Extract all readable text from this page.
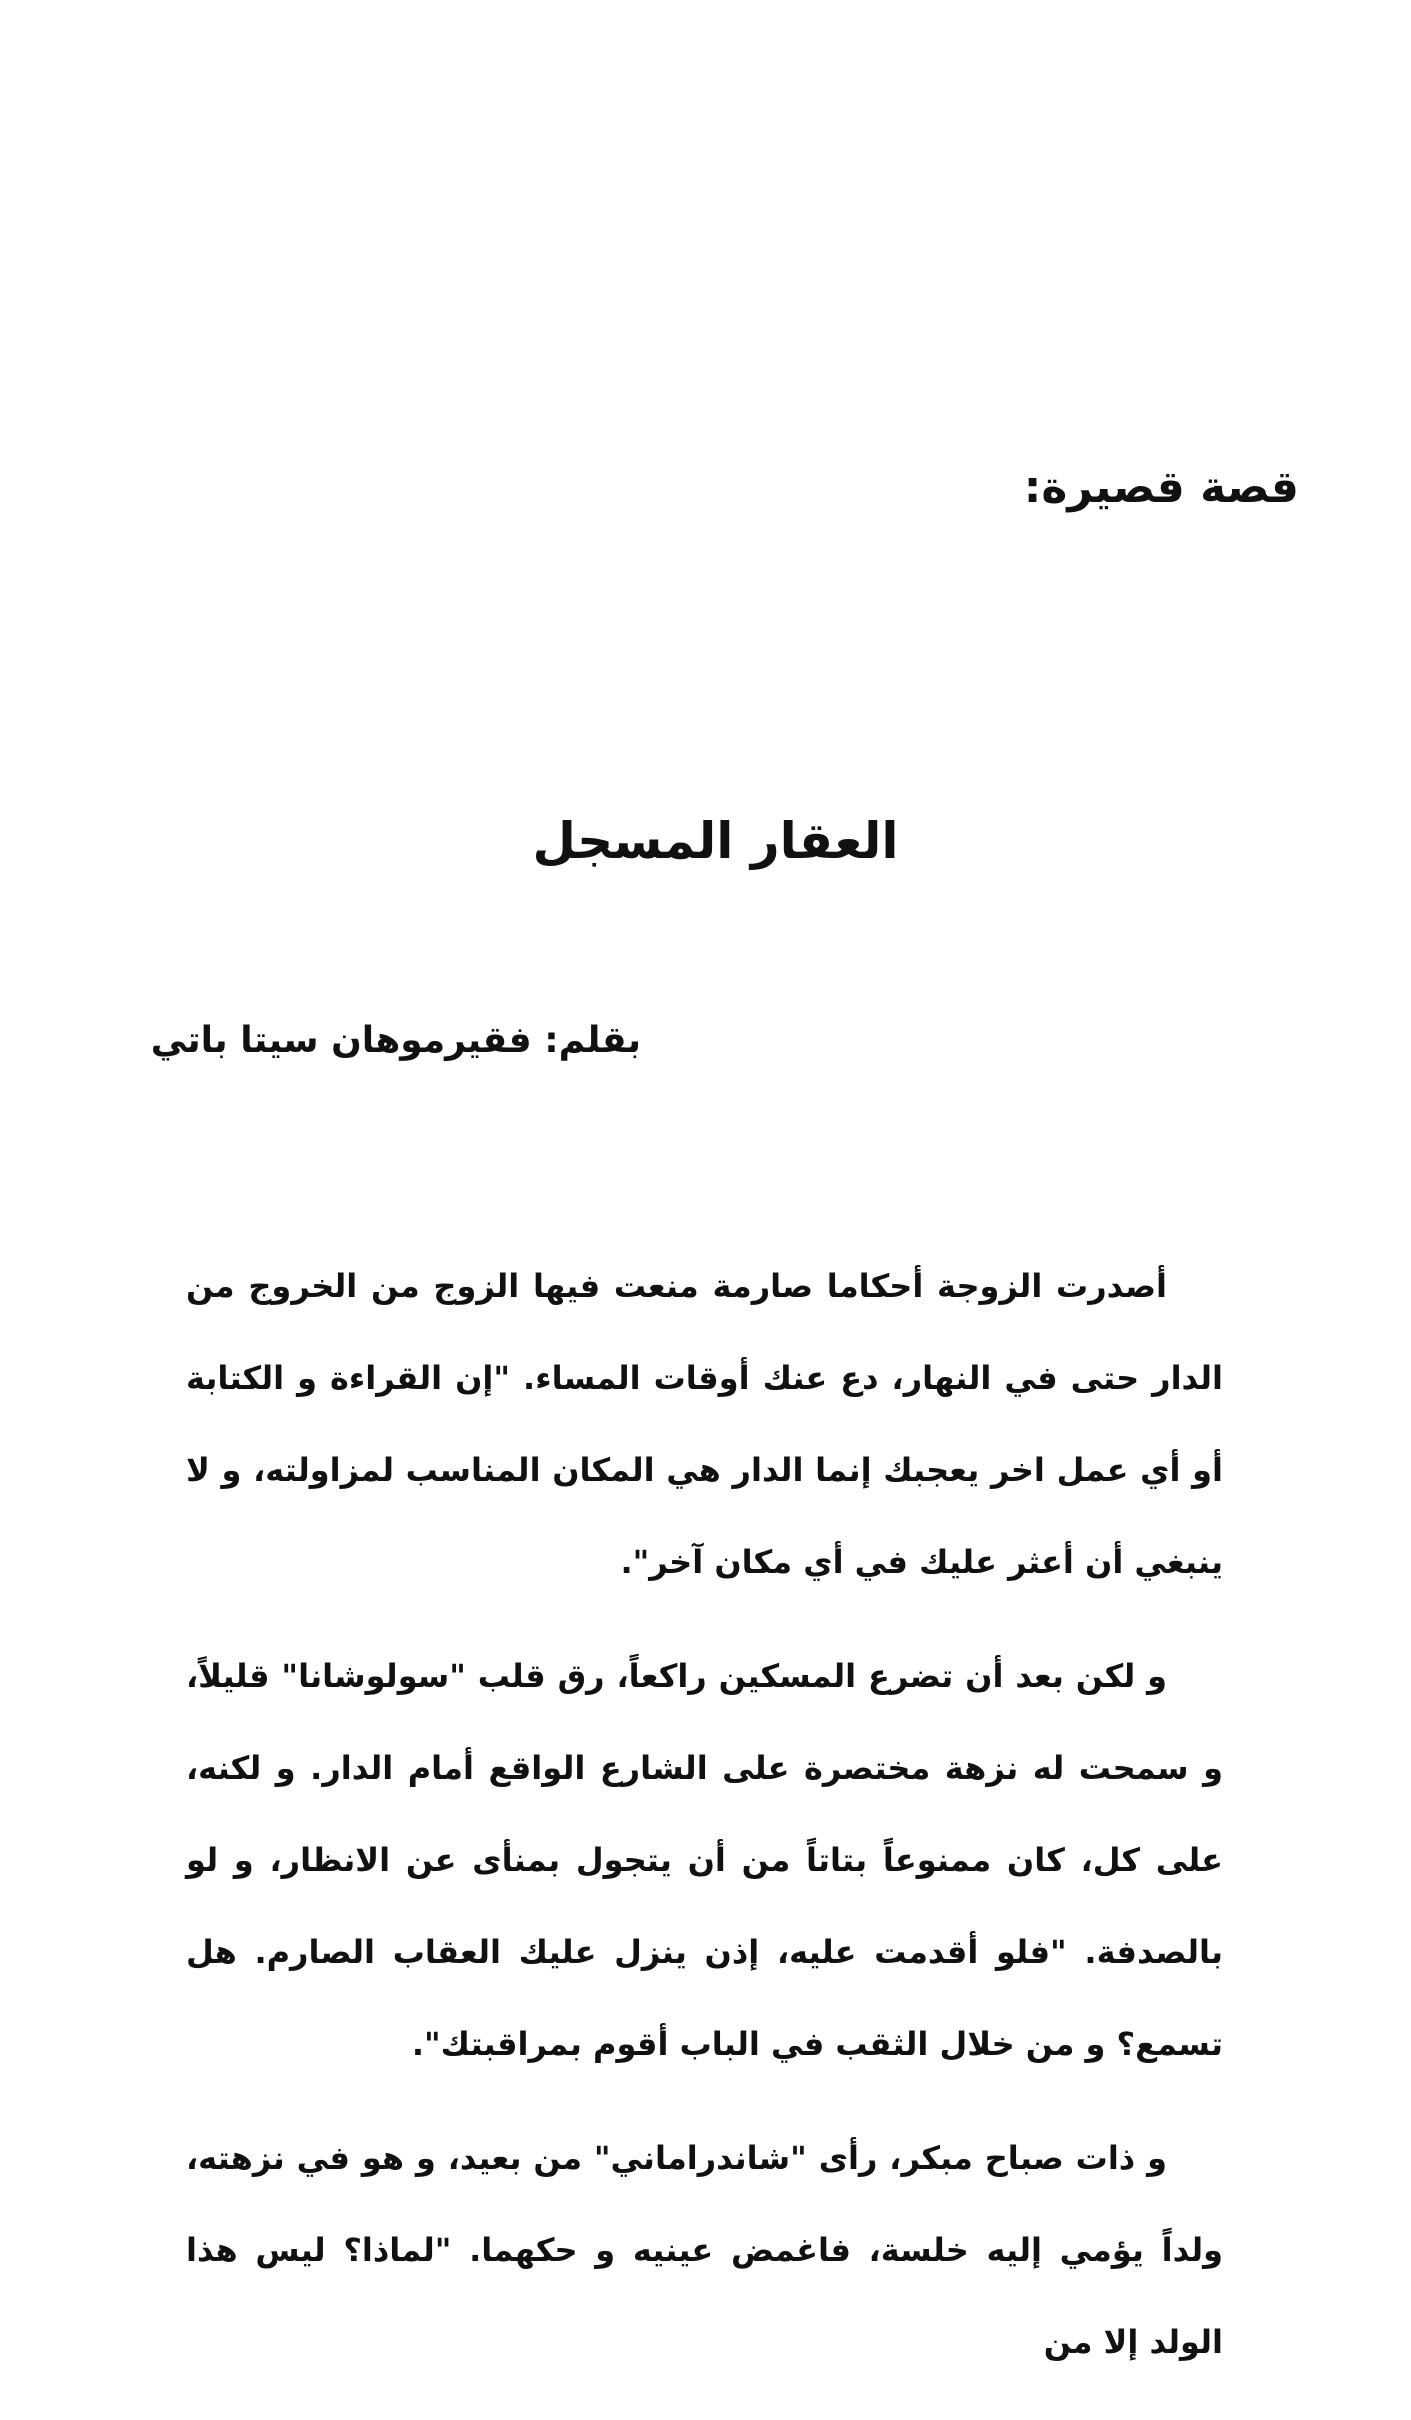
قصة قصيرة:
العقار المسجل

بقلم: فقيرموهان سيتا باتي

أصدرت الزوجة أحكاما صارمة منعت فيها الزوج من الخروج من الدار حتى في النهار، دع عنك أوقات المساء. "إن القراءة و الكتابة أو أي عمل اخر يعجبك إنما الدار هي المكان المناسب لمزاولته، و لا ينبغي أن أعثر عليك في أي مكان آخر".

و لكن بعد أن تضرع المسكين راكعاً، رق قلب "سولوشانا" قليلاً، و سمحت له نزهة مختصرة على الشارع الواقع أمام الدار. و لكنه، على كل، كان ممنوعاً بتاتاً من أن يتجول بمنأى عن الانظار، و لو بالصدفة. "فلو أقدمت عليه، إذن ينزل عليك العقاب الصارم. هل تسمع؟ و من خلال الثقب في الباب أقوم بمراقبتك".

و ذات صباح مبكر، رأى "شاندراماني" من بعيد، و هو في نزهته، ولداً يؤمي إليه خلسة، فاغمض عينيه و حكهما. "لماذا؟ ليس هذا الولد إلا من
